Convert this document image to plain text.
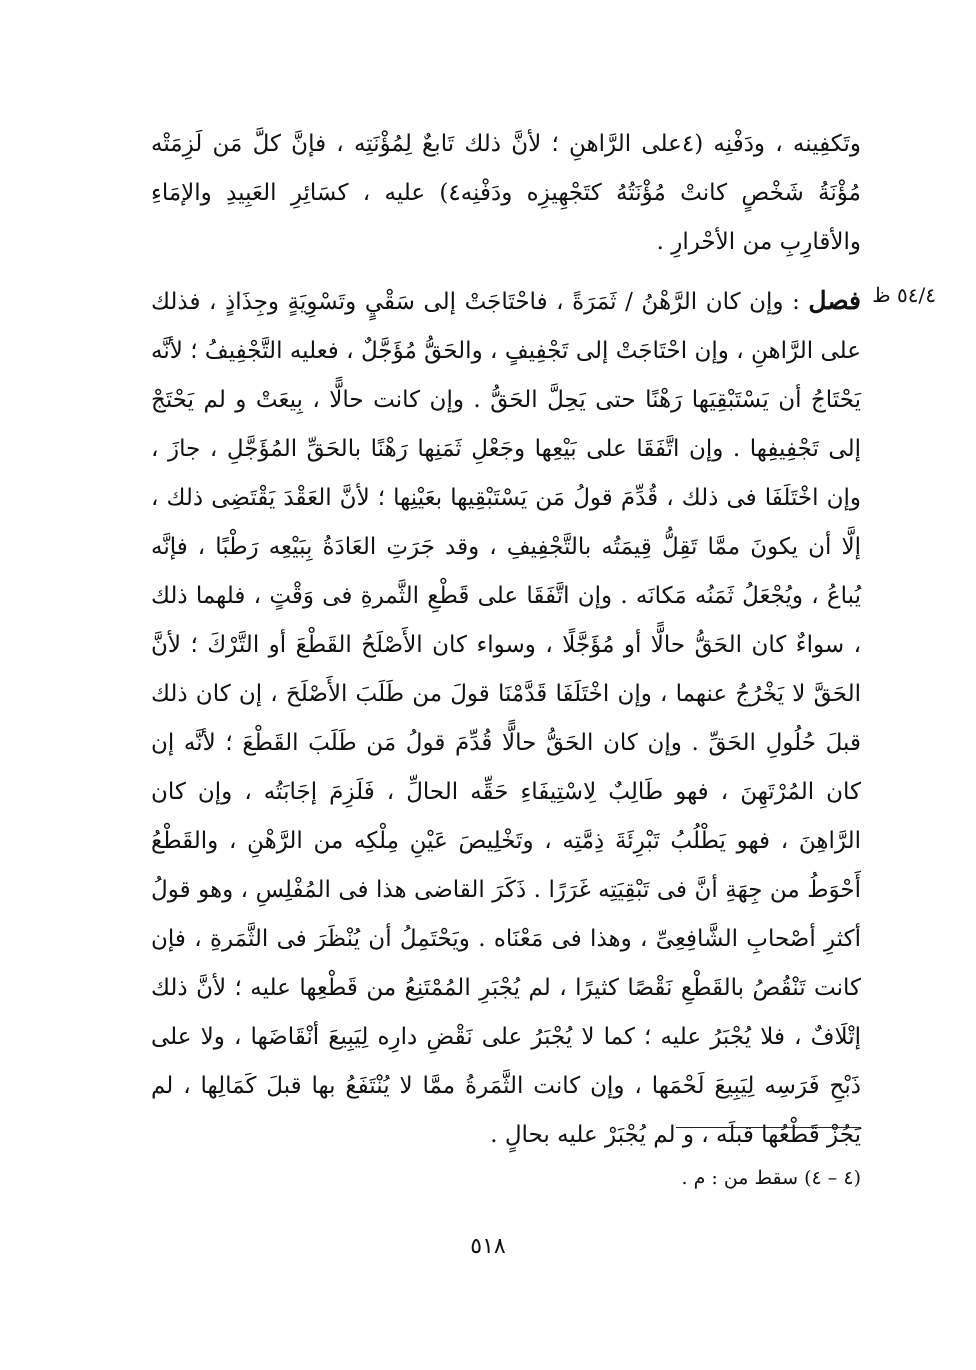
وتَكفِينه ، ودَفْنِه (٤على الرَّاهنِ ؛ لأنَّ ذلك تَابعٌ لِمُؤْنَتِه ، فإنَّ كلَّ مَن لَزِمَتْه مُؤْنَةُ شَخْصٍ كانتْ مُؤْنَتُهُ كتَجْهِيزِه ودَفْنِه٤) عليه ، كسَائِرِ العَبِيدِ والإمَاءِ والأقارِبِ من الأحْرارِ .

٥٤/٤ ظ

فصل : وإن كان الرَّهْنُ / ثَمَرَةً ، فاحْتَاجَتْ إلى سَقْيٍ وتَسْوِيَةٍ وجِذَاذٍ ، فذلك على الرَّاهنِ ، وإن احْتَاجَتْ إلى تَجْفِيفٍ ، والحَقُّ مُؤَجَّلٌ ، فعليه التَّجْفِيفُ ؛ لأنَّه يَحْتَاجُ أن يَسْتَبْقِيَها رَهْنًا حتى يَحِلَّ الحَقُّ . وإن كانت حالًّا ، بِيعَتْ و لم يَحْتَجْ إلى تَجْفِيفِها . وإن اتَّفَقَا على بَيْعِها وجَعْلِ ثَمَنِها رَهْنًا بالحَقِّ المُؤَجَّلِ ، جازَ ، وإن اخْتَلَفَا فى ذلك ، قُدِّمَ قولُ مَن يَسْتَبْقِيها بعَيْنِها ؛ لأنَّ العَقْدَ يَقْتَضِى ذلك ، إلَّا أن يكونَ ممَّا تَقِلُّ قِيمَتُه بالتَّجْفِيفِ ، وقد جَرَتِ العَادَةُ بِبَيْعِه رَطْبًا ، فإنَّه يُباعُ ، ويُجْعَلُ ثَمَنُه مَكانَه . وإن اتَّفَقَا على قَطْعِ الثَّمرةِ فى وَقْتٍ ، فلهما ذلك ، سواءٌ كان الحَقُّ حالًّا أو مُؤَجَّلًا ، وسواء كان الأَصْلَحُ القَطْعَ أو التَّرْكَ ؛ لأنَّ الحَقَّ لا يَخْرُجُ عنهما ، وإن اخْتَلَفَا قَدَّمْنَا قولَ من طَلَبَ الأَصْلَحَ ، إن كان ذلك قبلَ حُلُولِ الحَقِّ . وإن كان الحَقُّ حالًّا قُدِّمَ قولُ مَن طَلَبَ القَطْعَ ؛ لأنَّه إن كان المُرْتَهِنَ ، فهو طَالِبٌ لِاسْتِيفَاءِ حَقِّه الحالِّ ، فَلَزِمَ إجَابَتُه ، وإن كان الرَّاهِنَ ، فهو يَطْلُبُ تَبْرِئَةَ ذِمَّتِه ، وتَخْلِيصَ عَيْنِ مِلْكِه من الرَّهْنِ ، والقَطْعُ أَحْوَطُ من جِهَةِ أنَّ فى تَبْقِيَتِه غَرَرًا . ذَكَرَ القاضى هذا فى المُفْلِسِ ، وهو قولُ أكثرِ أصْحابِ الشَّافِعِىِّ ، وهذا فى مَعْنَاه . ويَحْتَمِلُ أن يُنْظَرَ فى الثَّمَرةِ ، فإن كانت تَنْقُصُ بالقَطْعِ نَقْصًا كثيرًا ، لم يُجْبَرِ المُمْتَنِعُ من قَطْعِها عليه ؛ لأنَّ ذلك إتْلَافٌ ، فلا يُجْبَرُ عليه ؛ كما لا يُجْبَرُ على نَقْضِ دارِه لِيَبِيعَ أنْقَاضَها ، ولا على ذَبْحِ فَرَسِه لِيَبِيعَ لَحْمَها ، وإن كانت الثَّمَرةُ ممَّا لا يُنْتَفَعُ بها قبلَ كَمَالِها ، لم يَجُزْ قَطْعُها قبلَه ، و لم يُجْبَرْ عليه بحالٍ .

(٤ – ٤) سقط من : م .
٥١٨
